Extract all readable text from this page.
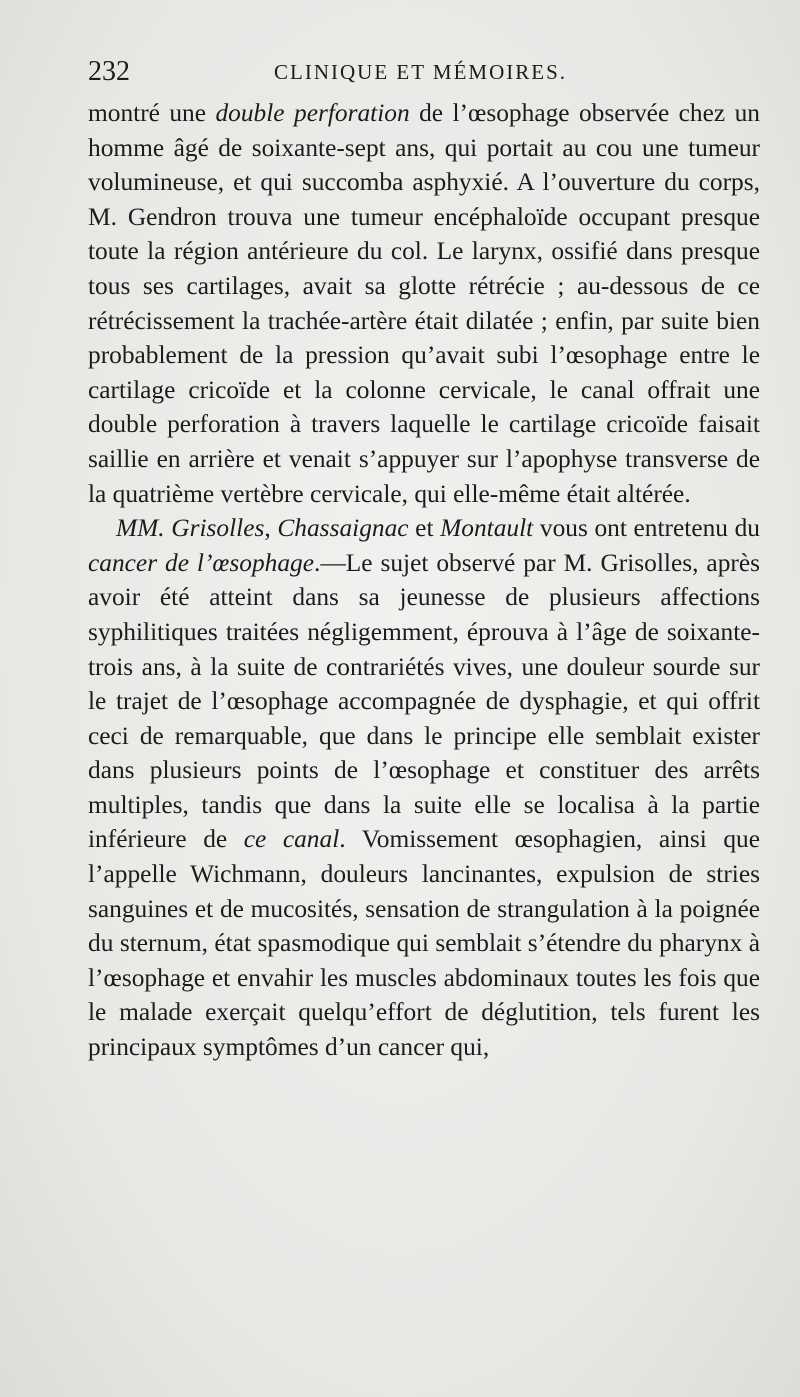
232	CLINIQUE ET MÉMOIRES.

montré une double perforation de l’œsophage observée chez un homme âgé de soixante-sept ans, qui portait au cou une tumeur volumineuse, et qui succomba asphyxié. A l’ouverture du corps, M. Gendron trouva une tumeur encéphaloïde occupant presque toute la région antérieure du col. Le larynx, ossifié dans presque tous ses cartilages, avait sa glotte rétrécie ; au-dessous de ce rétrécissement la trachée-artère était dilatée ; enfin, par suite bien probablement de la pression qu’avait subi l’œsophage entre le cartilage cricoïde et la colonne cervicale, le canal offrait une double perforation à travers laquelle le cartilage cricoïde faisait saillie en arrière et venait s’appuyer sur l’apophyse transverse de la quatrième vertèbre cervicale, qui elle-même était altérée.

MM. Grisolles, Chassaignac et Montault vous ont entretenu du cancer de l’œsophage.—Le sujet observé par M. Grisolles, après avoir été atteint dans sa jeunesse de plusieurs affections syphilitiques traitées négligemment, éprouva à l’âge de soixante-trois ans, à la suite de contrariétés vives, une douleur sourde sur le trajet de l’œsophage accompagnée de dysphagie, et qui offrit ceci de remarquable, que dans le principe elle semblait exister dans plusieurs points de l’œsophage et constituer des arrêts multiples, tandis que dans la suite elle se localisa à la partie inférieure de ce canal. Vomissement œsophagien, ainsi que l’appelle Wichmann, douleurs lancinantes, expulsion de stries sanguines et de mucosités, sensation de strangulation à la poignée du sternum, état spasmodique qui semblait s’étendre du pharynx à l’œsophage et envahir les muscles abdominaux toutes les fois que le malade exerçait quelqu’effort de déglutition, tels furent les principaux symptômes d’un cancer qui,
